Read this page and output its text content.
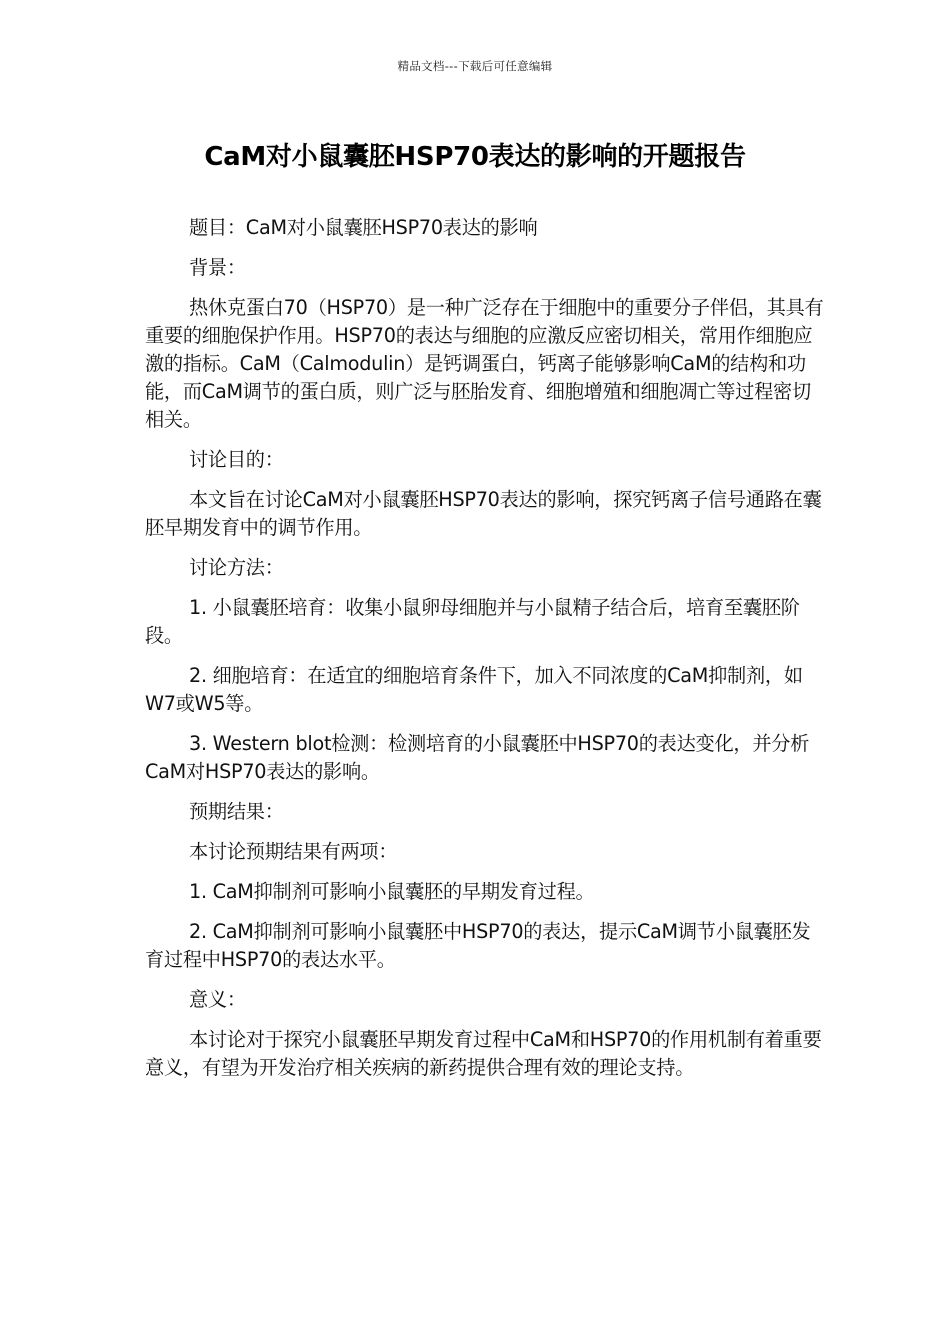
精品文档---下载后可任意编辑
CaM对小鼠囊胚HSP70表达的影响的开题报告

题目：CaM对小鼠囊胚HSP70表达的影响

背景：

热休克蛋白70（HSP70）是一种广泛存在于细胞中的重要分子伴侣，其具有重要的细胞保护作用。HSP70的表达与细胞的应激反应密切相关，常用作细胞应激的指标。CaM（Calmodulin）是钙调蛋白，钙离子能够影响CaM的结构和功能，而CaM调节的蛋白质，则广泛与胚胎发育、细胞增殖和细胞凋亡等过程密切相关。

讨论目的：

本文旨在讨论CaM对小鼠囊胚HSP70表达的影响，探究钙离子信号通路在囊胚早期发育中的调节作用。

讨论方法：

1. 小鼠囊胚培育：收集小鼠卵母细胞并与小鼠精子结合后，培育至囊胚阶段。

2. 细胞培育：在适宜的细胞培育条件下，加入不同浓度的CaM抑制剂，如W7或W5等。

3. Western blot检测：检测培育的小鼠囊胚中HSP70的表达变化，并分析CaM对HSP70表达的影响。

预期结果：

本讨论预期结果有两项：

1. CaM抑制剂可影响小鼠囊胚的早期发育过程。

2. CaM抑制剂可影响小鼠囊胚中HSP70的表达，提示CaM调节小鼠囊胚发育过程中HSP70的表达水平。

意义：

本讨论对于探究小鼠囊胚早期发育过程中CaM和HSP70的作用机制有着重要意义，有望为开发治疗相关疾病的新药提供合理有效的理论支持。
